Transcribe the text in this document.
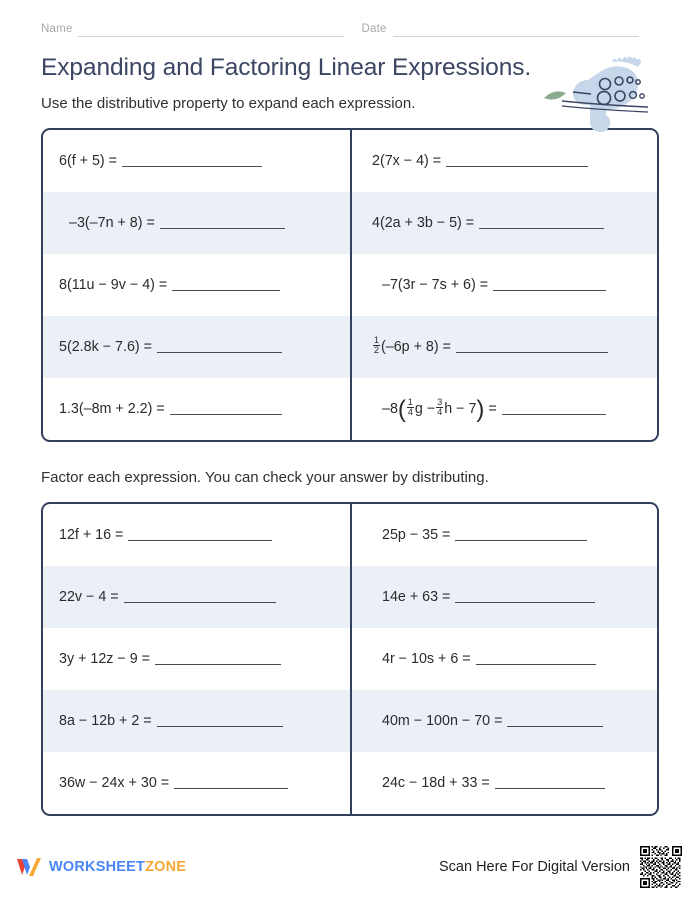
Name	Date
Expanding and Factoring Linear Expressions.

Use the distributive property to expand each expression.

6(f + 5) =	2(7x − 4) =
–3(–7n + 8) =	4(2a + 3b − 5) =
8(11u − 9v − 4) =	–7(3r − 7s + 6) =
5(2.8k − 7.6) =	$\frac{1}{2} (-6p + 8)$ =
1.3(–8m + 2.2) =	–8 ( $\frac{1}{4}$ $g - \frac{3}{4}$ h − 7 ) =

Factor each expression. You can check your answer by distributing.

12f + 16 =	25p − 35 =
22v − 4 =	14e + 63 =
3y + 12z − 9 =	4r − 10s + 6 =
8a − 12b + 2 =	40m − 100n − 70 =
36w − 24x + 30 =	24c − 18d + 33 =
WORKSHEETZONE	Scan Here For Digital Version
